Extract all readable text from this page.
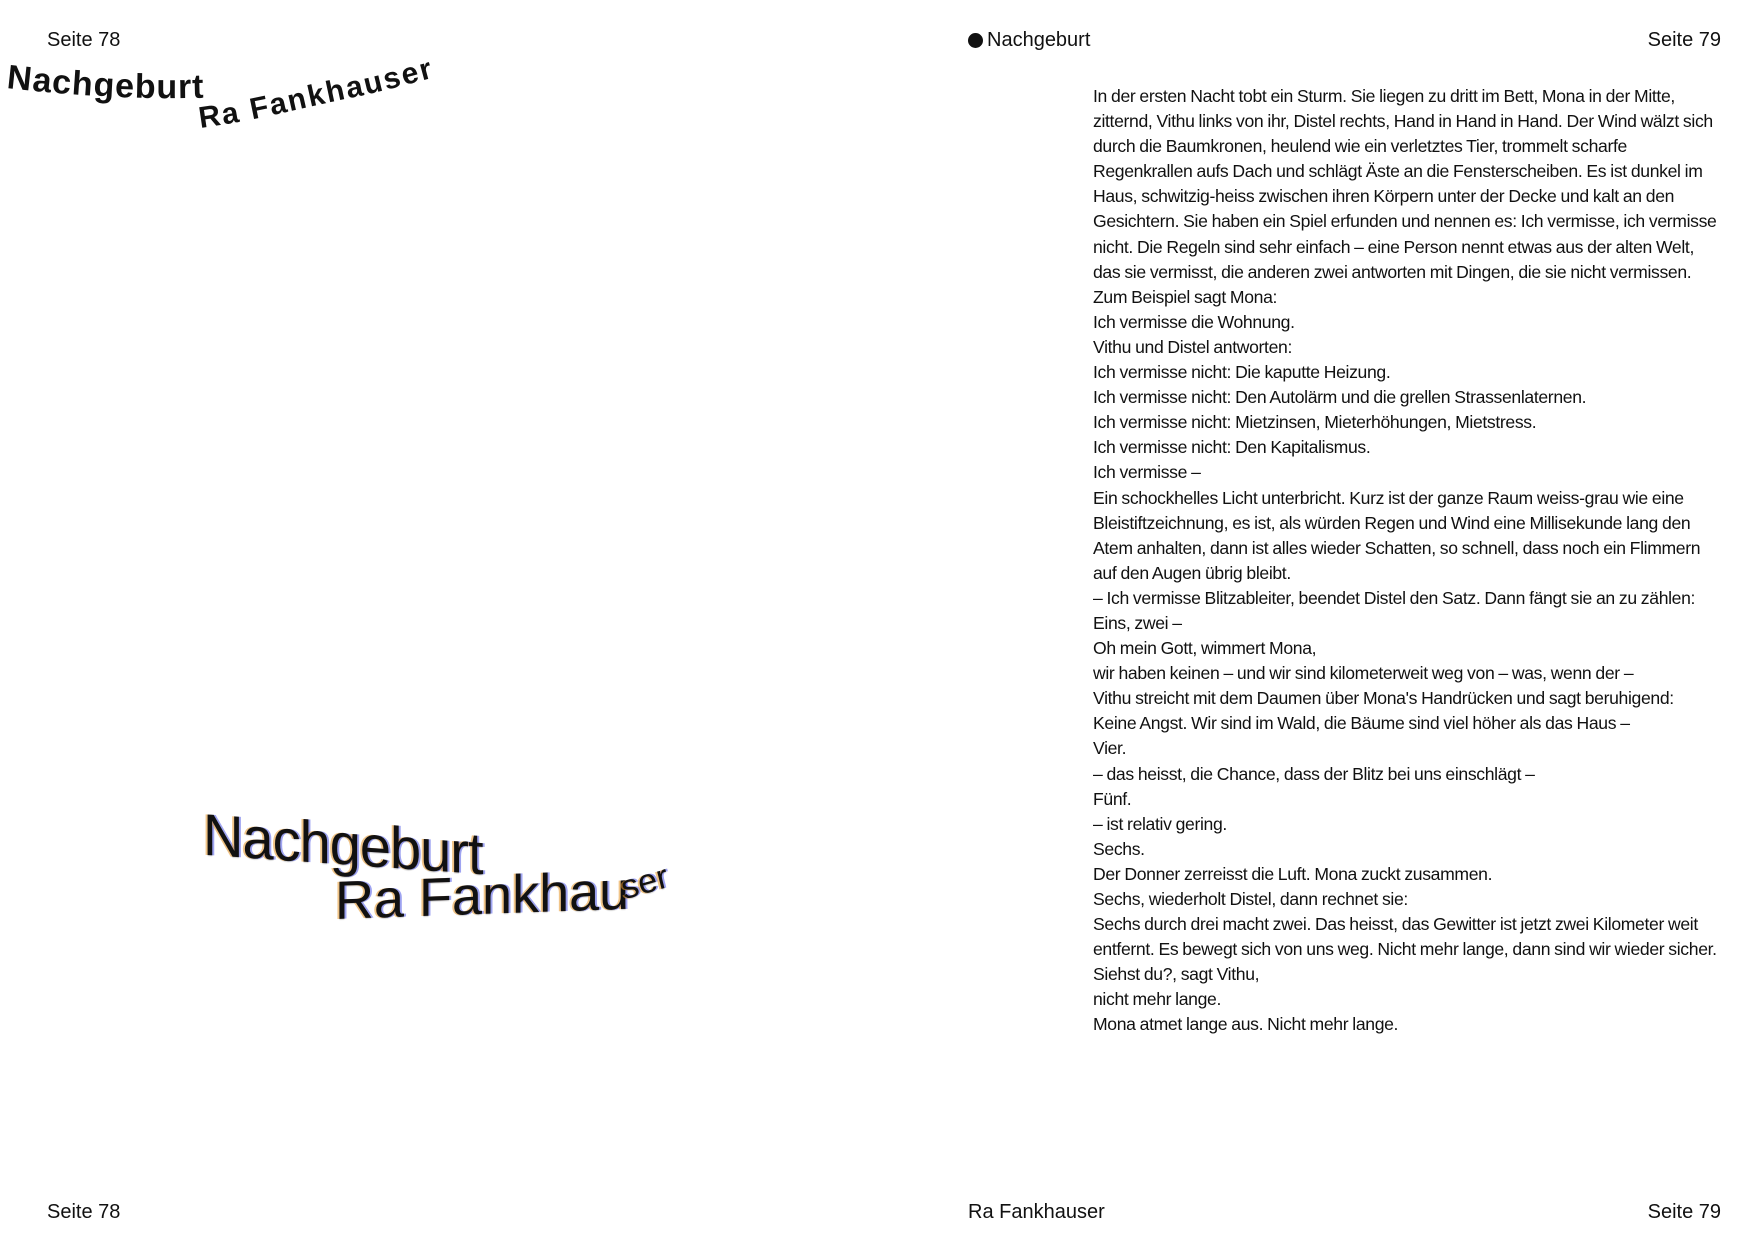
Seite 78	Seite 79
Nachgeburt
Seite 78	Ra Fankhauser	Seite 79
Nachgeburt
Ra Fankhauser
Nachgeburt
Ra Fankhauser

In der ersten Nacht tobt ein Sturm. Sie liegen zu dritt im Bett, Mona in der Mitte, zitternd, Vithu links von ihr, Distel rechts, Hand in Hand in Hand. Der Wind wälzt sich durch die Baumkronen, heulend wie ein verletztes Tier, trommelt scharfe Regenkrallen aufs Dach und schlägt Äste an die Fensterscheiben. Es ist dunkel im Haus, schwitzig-heiss zwischen ihren Körpern unter der Decke und kalt an den Gesichtern. Sie haben ein Spiel erfunden und nennen es: Ich vermisse, ich vermisse nicht. Die Regeln sind sehr einfach – eine Person nennt etwas aus der alten Welt, das sie vermisst, die anderen zwei antworten mit Dingen, die sie nicht vermissen. Zum Beispiel sagt Mona:

Ich vermisse die Wohnung.

Vithu und Distel antworten:

Ich vermisse nicht: Die kaputte Heizung.

Ich vermisse nicht: Den Autolärm und die grellen Strassenlaternen.

Ich vermisse nicht: Mietzinsen, Mieterhöhungen, Mietstress.

Ich vermisse nicht: Den Kapitalismus.

Ich vermisse –

Ein schockhelles Licht unterbricht. Kurz ist der ganze Raum weiss-grau wie eine Bleistiftzeichnung, es ist, als würden Regen und Wind eine Millisekunde lang den Atem anhalten, dann ist alles wieder Schatten, so schnell, dass noch ein Flimmern auf den Augen übrig bleibt.

– Ich vermisse Blitzableiter, beendet Distel den Satz. Dann fängt sie an zu zählen:

Eins, zwei –

Oh mein Gott, wimmert Mona,

wir haben keinen – und wir sind kilometerweit weg von – was, wenn der –

Vithu streicht mit dem Daumen über Mona's Handrücken und sagt beruhigend:

Keine Angst. Wir sind im Wald, die Bäume sind viel höher als das Haus –

Vier.

– das heisst, die Chance, dass der Blitz bei uns einschlägt –

Fünf.

– ist relativ gering.

Sechs.

Der Donner zerreisst die Luft. Mona zuckt zusammen.

Sechs, wiederholt Distel, dann rechnet sie:

Sechs durch drei macht zwei. Das heisst, das Gewitter ist jetzt zwei Kilometer weit entfernt. Es bewegt sich von uns weg. Nicht mehr lange, dann sind wir wieder sicher.

Siehst du?, sagt Vithu,

nicht mehr lange.

Mona atmet lange aus. Nicht mehr lange.
